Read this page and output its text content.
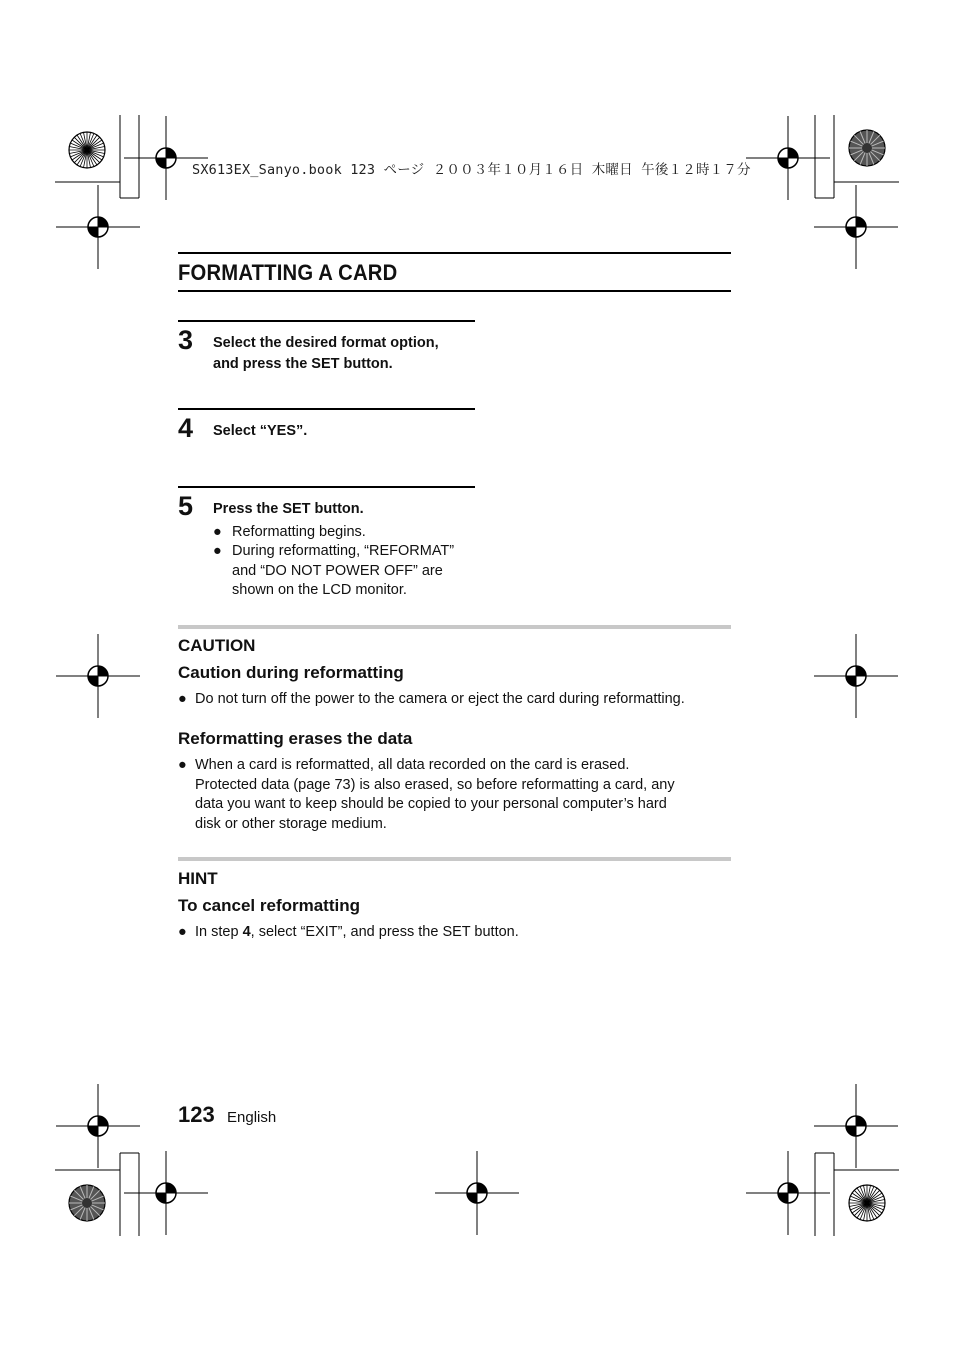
SX613EX_Sanyo.book 123 ページ ２００３年１０月１６日 木曜日 午後１２時１７分
FORMATTING A CARD
3 Select the desired format option,
and press the SET button.
4 Select “YES”.
5 Press the SET button.
● Reformatting begins.
● During reformatting, “REFORMAT”
and “DO NOT POWER OFF” are
shown on the LCD monitor.
CAUTION
Caution during reformatting
● Do not turn off the power to the camera or eject the card during reformatting.
Reformatting erases the data
● When a card is reformatted, all data recorded on the card is erased.
Protected data (page 73) is also erased, so before reformatting a card, any
data you want to keep should be copied to your personal computer’s hard
disk or other storage medium.
HINT
To cancel reformatting
● In step 4, select “EXIT”, and press the SET button.
123 English
